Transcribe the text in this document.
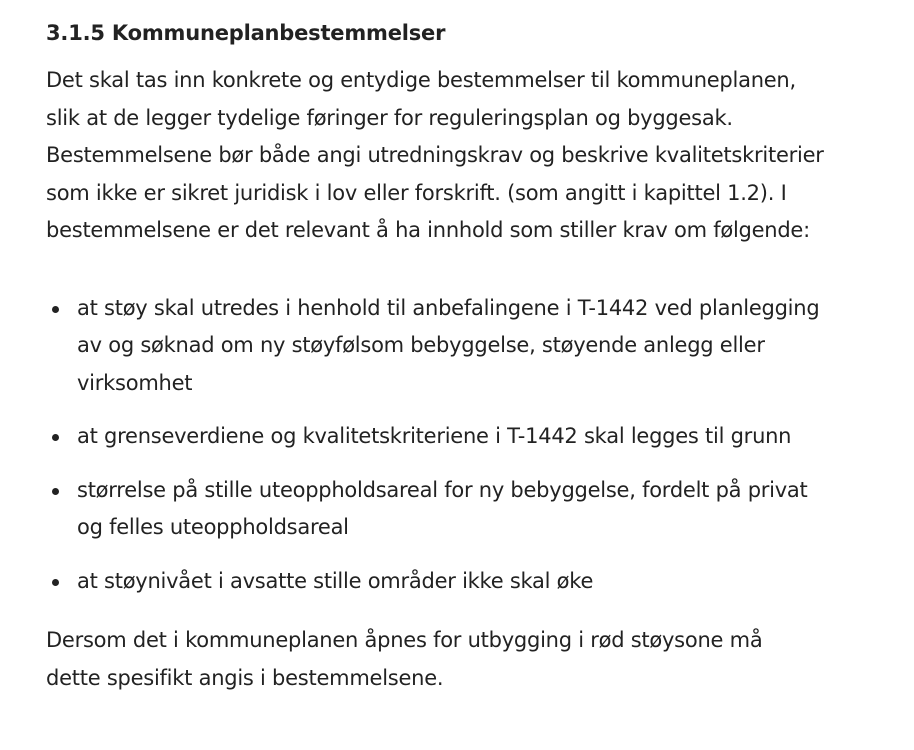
3.1.5 Kommuneplanbestemmelser

Det skal tas inn konkrete og entydige bestemmelser til kommuneplanen,
slik at de legger tydelige føringer for reguleringsplan og byggesak.
Bestemmelsene bør både angi utredningskrav og beskrive kvalitetskriterier
som ikke er sikret juridisk i lov eller forskrift. (som angitt i kapittel 1.2). I
bestemmelsene er det relevant å ha innhold som stiller krav om følgende:

at støy skal utredes i henhold til anbefalingene i T-1442 ved planlegging
av og søknad om ny støyfølsom bebyggelse, støyende anlegg eller
virksomhet
at grenseverdiene og kvalitetskriteriene i T-1442 skal legges til grunn
størrelse på stille uteoppholdsareal for ny bebyggelse, fordelt på privat
og felles uteoppholdsareal
at støynivået i avsatte stille områder ikke skal øke

Dersom det i kommuneplanen åpnes for utbygging i rød støysone må
dette spesifikt angis i bestemmelsene.
